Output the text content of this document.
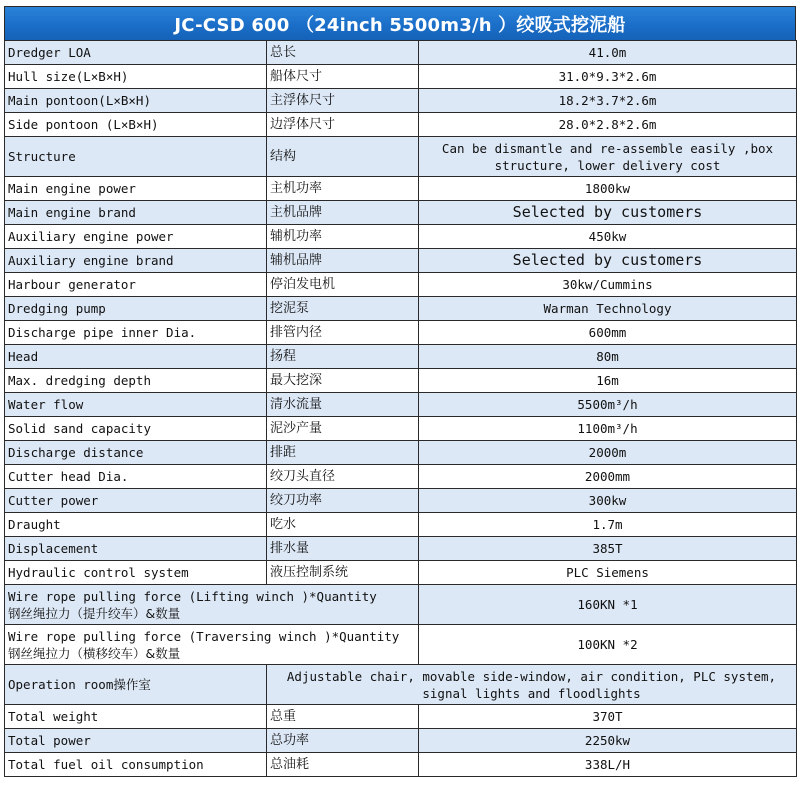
JC-CSD 600 （24inch 5500m3/h ）绞吸式挖泥船
Dredger LOA	总长	41.0m
Hull size(L×B×H)	船体尺寸	31.0*9.3*2.6m
Main pontoon(L×B×H)	主浮体尺寸	18.2*3.7*2.6m
Side pontoon (L×B×H)	边浮体尺寸	28.0*2.8*2.6m
Structure	结构	Can be dismantle and re-assemble easily ,box structure, lower delivery cost
Main engine power	主机功率	1800kw
Main engine brand	主机品牌	Selected by customers
Auxiliary engine power	辅机功率	450kw
Auxiliary engine brand	辅机品牌	Selected by customers
Harbour generator	停泊发电机	30kw/Cummins
Dredging pump	挖泥泵	Warman Technology
Discharge pipe inner Dia.	排管内径	600mm
Head	扬程	80m
Max. dredging depth	最大挖深	16m
Water flow	清水流量	5500m³/h
Solid sand capacity	泥沙产量	1100m³/h
Discharge distance	排距	2000m
Cutter head Dia.	绞刀头直径	2000mm
Cutter power	绞刀功率	300kw
Draught	吃水	1.7m
Displacement	排水量	385T
Hydraulic control system	液压控制系统	PLC Siemens

Wire rope pulling force (Lifting winch )*Quantity
钢丝绳拉力（提升绞车）&数量		160KN *1

Wire rope pulling force (Traversing winch )*Quantity
钢丝绳拉力（横移绞车）&数量		100KN *2
Operation room操作室	Adjustable chair, movable side-window, air condition, PLC system, signal lights and floodlights	
Total weight	总重	370T
Total power	总功率	2250kw
Total fuel oil consumption	总油耗	338L/H
